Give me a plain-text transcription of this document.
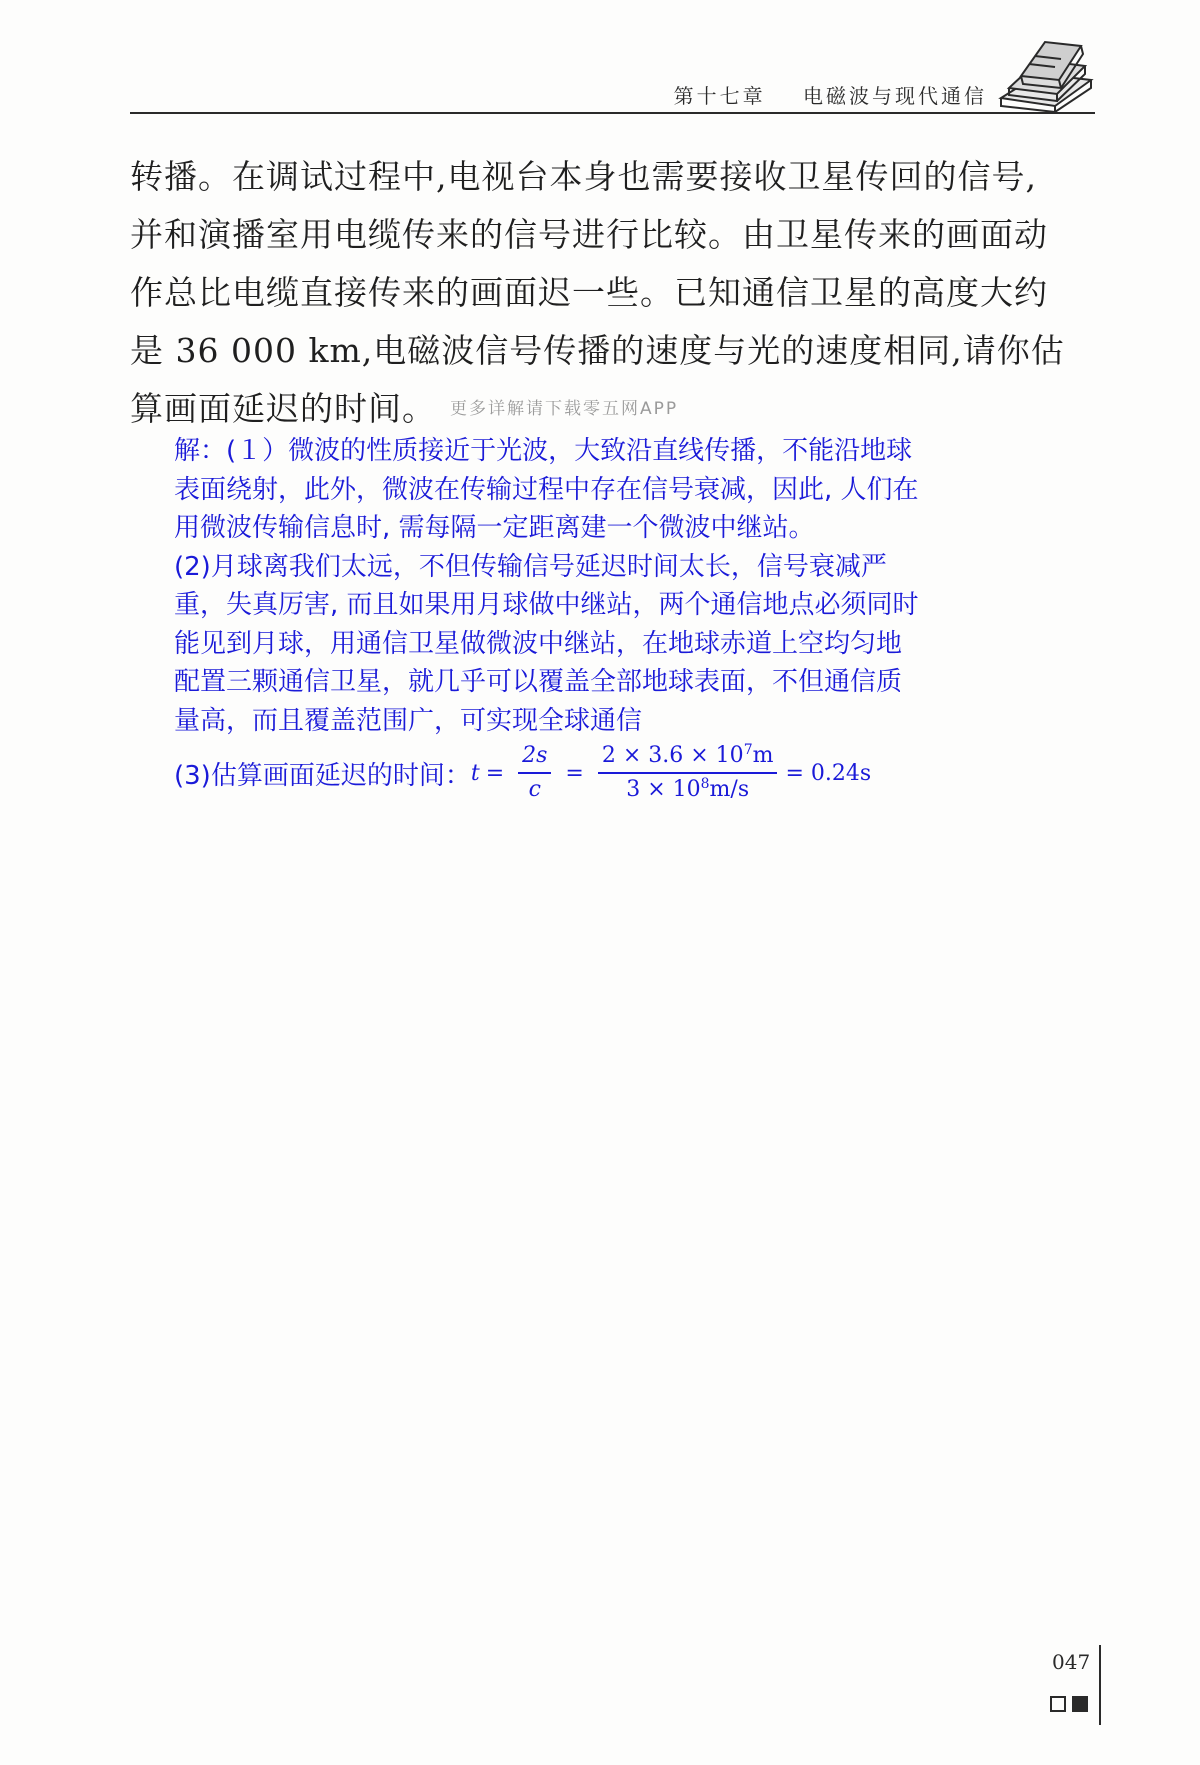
第十七章 电磁波与现代通信
转播。在调试过程中,电视台本身也需要接收卫星传回的信号,
并和演播室用电缆传来的信号进行比较。由卫星传来的画面动
作总比电缆直接传来的画面迟一些。已知通信卫星的高度大约
是 36 000 km,电磁波信号传播的速度与光的速度相同,请你估
算画面延迟的时间。 更多详解请下载零五网APP
解：(１）微波的性质接近于光波，大致沿直线传播，不能沿地球
表面绕射，此外，微波在传输过程中存在信号衰减，因此, 人们在
用微波传输信息时, 需每隔一定距离建一个微波中继站。
(2)月球离我们太远，不但传输信号延迟时间太长，信号衰减严
重，失真厉害, 而且如果用月球做中继站，两个通信地点必须同时
能见到月球，用通信卫星做微波中继站，在地球赤道上空均匀地
配置三颗通信卫星，就几乎可以覆盖全部地球表面，不但通信质
量高，而且覆盖范围广，可实现全球通信
(3)估算画面延迟的时间： $t = \frac{2s}{c} = \frac{2 \times 3.6 \times 10^7m}{3 \times 10^8m/s} = 0.24s$
047
